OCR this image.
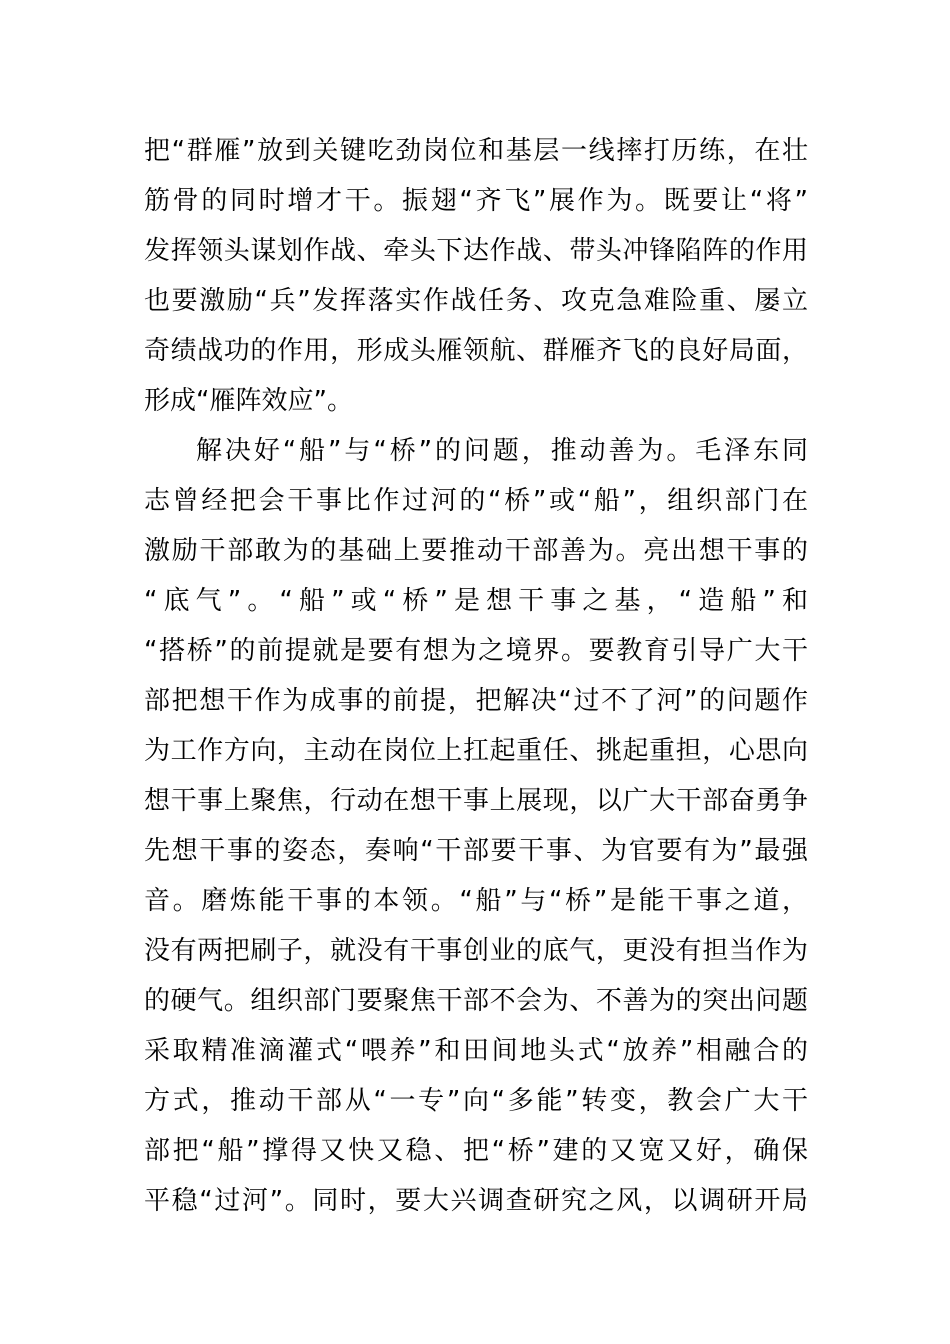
把“群雁”放到关键吃劲岗位和基层一线摔打历练，在壮
筋骨的同时增才干。振翅“齐飞”展作为。既要让“将”
发挥领头谋划作战、牵头下达作战、带头冲锋陷阵的作用
也要激励“兵”发挥落实作战任务、攻克急难险重、屡立
奇绩战功的作用，形成头雁领航、群雁齐飞的良好局面，
形成“雁阵效应”。
解决好“船”与“桥”的问题，推动善为。毛泽东同
志曾经把会干事比作过河的“桥”或“船”，组织部门在
激励干部敢为的基础上要推动干部善为。亮出想干事的
“底气”。“船”或“桥”是想干事之基，“造船”和
“搭桥”的前提就是要有想为之境界。要教育引导广大干
部把想干作为成事的前提，把解决“过不了河”的问题作
为工作方向，主动在岗位上扛起重任、挑起重担，心思向
想干事上聚焦，行动在想干事上展现，以广大干部奋勇争
先想干事的姿态，奏响“干部要干事、为官要有为”最强
音。磨炼能干事的本领。“船”与“桥”是能干事之道，
没有两把刷子，就没有干事创业的底气，更没有担当作为
的硬气。组织部门要聚焦干部不会为、不善为的突出问题
采取精准滴灌式“喂养”和田间地头式“放养”相融合的
方式，推动干部从“一专”向“多能”转变，教会广大干
部把“船”撑得又快又稳、把“桥”建的又宽又好，确保
平稳“过河”。同时，要大兴调查研究之风，以调研开局
